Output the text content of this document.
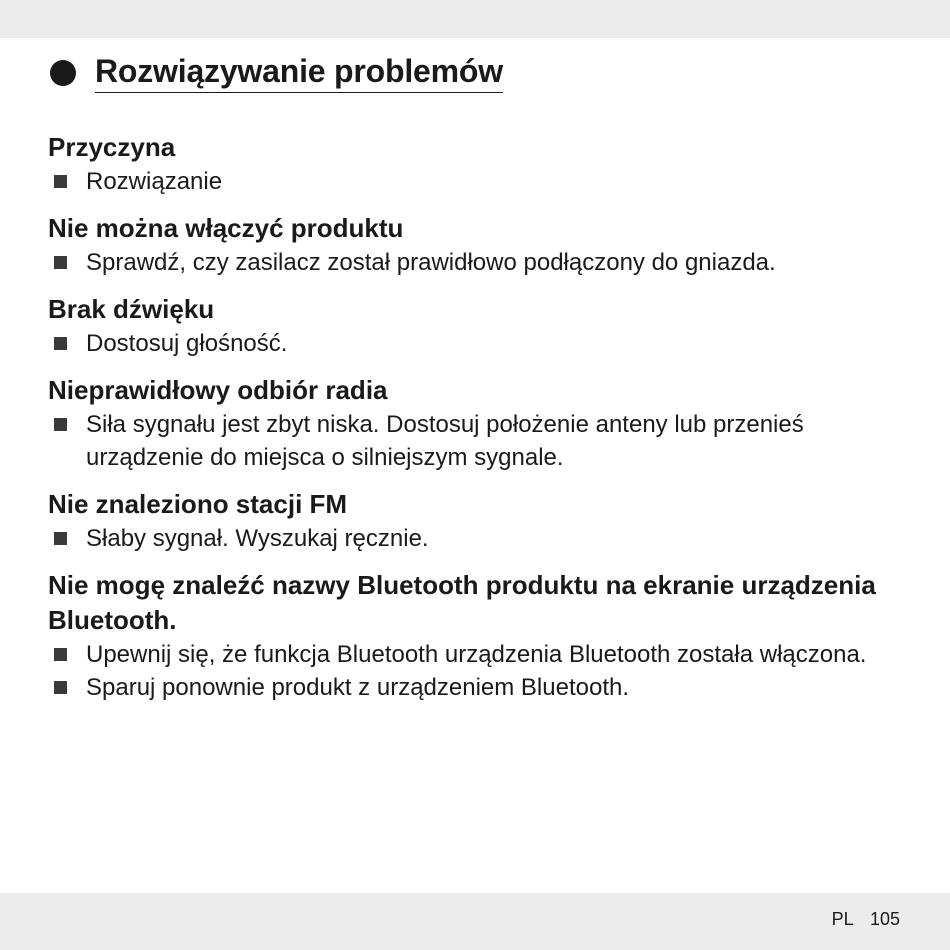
Rozwiązywanie problemów

Przyczyna

Rozwiązanie

Nie można włączyć produktu

Sprawdź, czy zasilacz został prawidłowo podłączony do gniazda.

Brak dźwięku

Dostosuj głośność.

Nieprawidłowy odbiór radia

Siła sygnału jest zbyt niska. Dostosuj położenie anteny lub przenieś urządzenie do miejsca o silniejszym sygnale.

Nie znaleziono stacji FM

Słaby sygnał. Wyszukaj ręcznie.

Nie mogę znaleźć nazwy Bluetooth produktu na ekranie urządzenia Bluetooth.

Upewnij się, że funkcja Bluetooth urządzenia Bluetooth została włączona.
Sparuj ponownie produkt z urządzeniem Bluetooth.
PL 105
